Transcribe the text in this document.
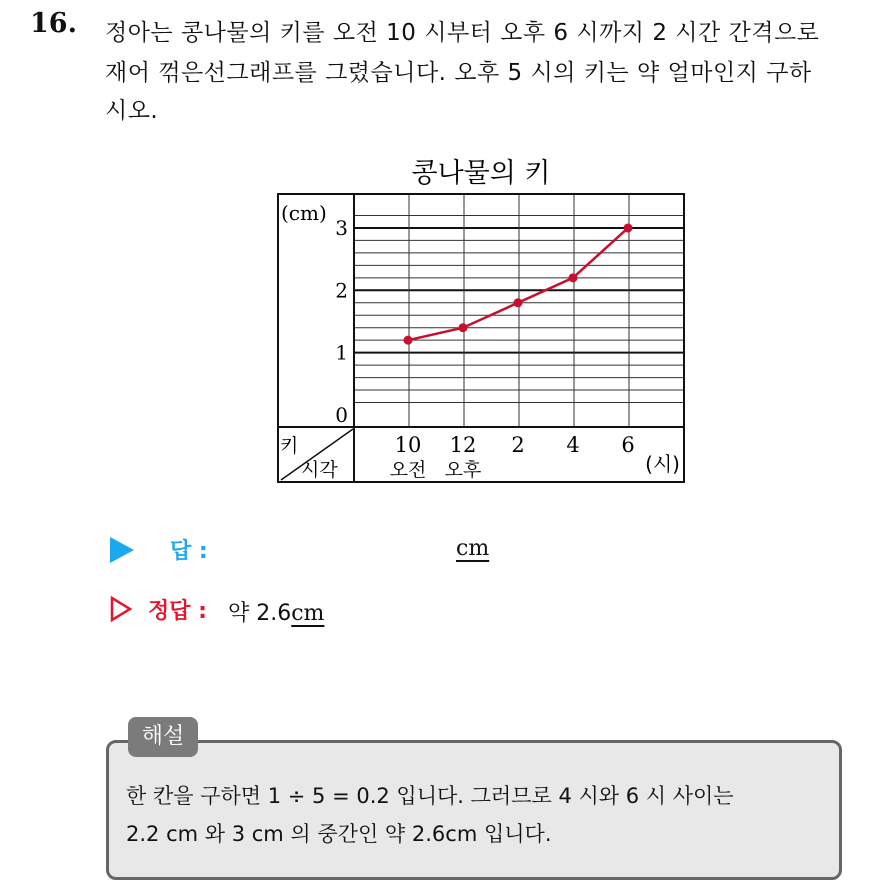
16. 정아는 콩나물의 키를 오전 10 시부터 오후 6 시까지 2 시간 간격으로
재어 꺾은선그래프를 그렸습니다. 오후 5 시의 키는 약 얼마인지 구하
시오.
콩나물의 키
(cm)
0
1
2
3
키
시각
10
오전
12
오후
2 4 6
(시)
답 :	cm
정답 : 약 2.6cm
해설
한 칸을 구하면 1 ÷ 5 = 0.2 입니다. 그러므로 4 시와 6 시 사이는
2.2 cm 와 3 cm 의 중간인 약 2.6cm 입니다.
